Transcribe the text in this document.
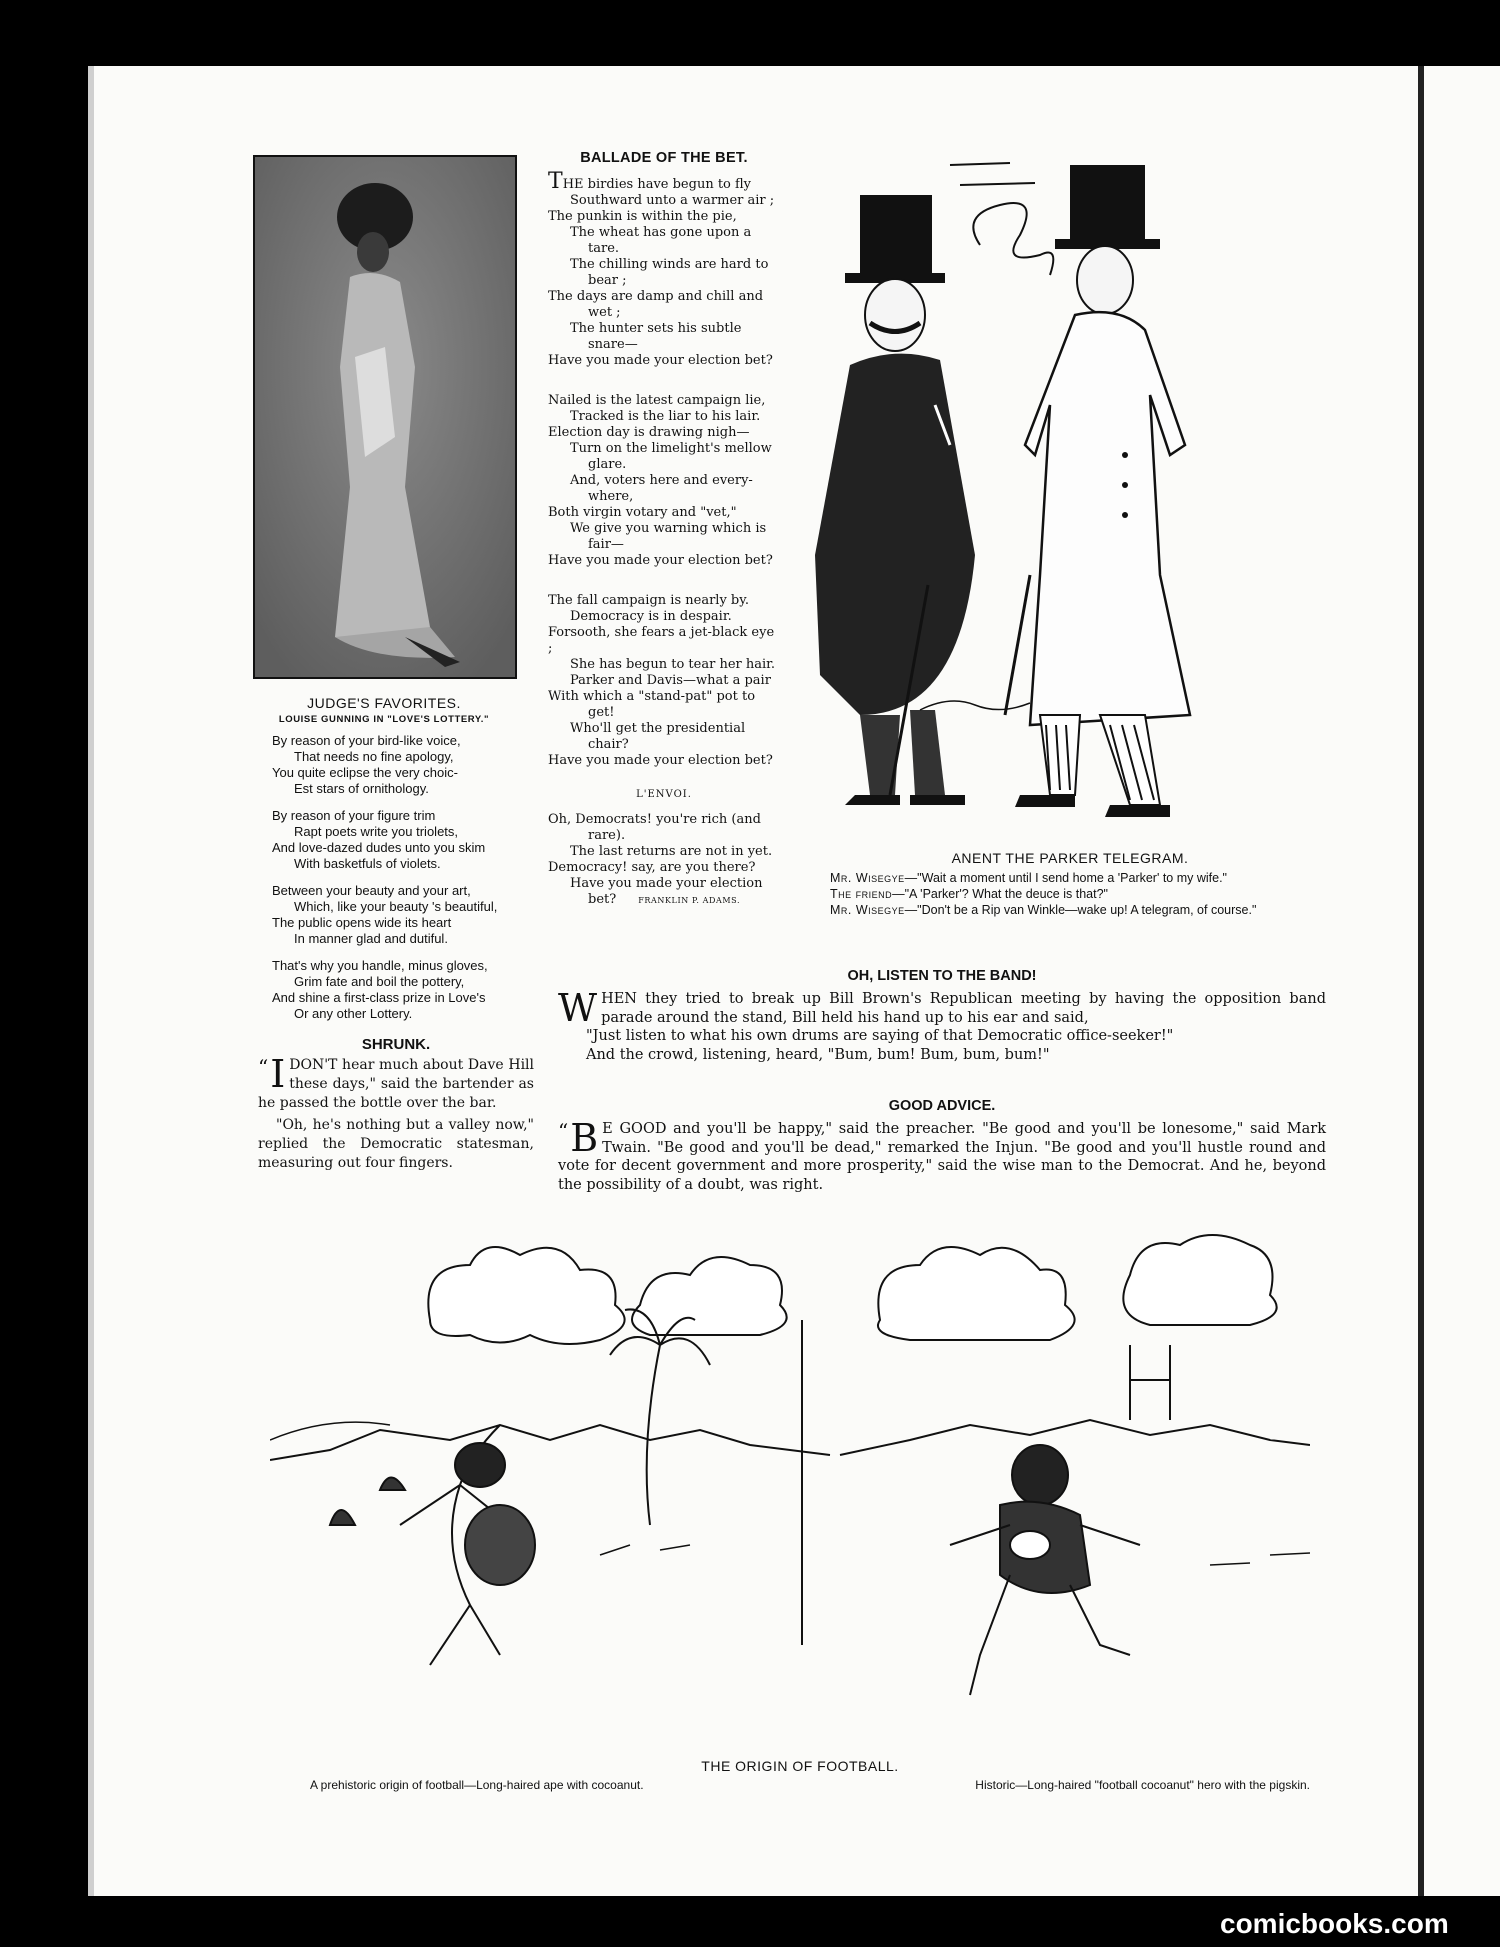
JUDGE'S FAVORITES.
LOUISE GUNNING IN "LOVE'S LOTTERY."

By reason of your bird-like voice,

That needs no fine apology,

You quite eclipse the very choic-

Est stars of ornithology.

By reason of your figure trim

Rapt poets write you triolets,

And love-dazed dudes unto you skim

With basketfuls of violets.

Between your beauty and your art,

Which, like your beauty 's beautiful,

The public opens wide its heart

In manner glad and dutiful.

That's why you handle, minus gloves,

Grim fate and boil the pottery,

And shine a first-class prize in Love's

Or any other Lottery.

SHRUNK.

“ I DON'T hear much about Dave Hill these days," said the bartender as he passed the bottle over the bar.

"Oh, he's nothing but a valley now," replied the Democratic statesman, measuring out four fingers.

BALLADE OF THE BET.

THE birdies have begun to fly

Southward unto a warmer air ;

The punkin is within the pie,

The wheat has gone upon a

tare.

The chilling winds are hard to

bear ;

The days are damp and chill and

wet ;

The hunter sets his subtle

snare—

Have you made your election bet?

Nailed is the latest campaign lie,

Tracked is the liar to his lair.

Election day is drawing nigh—

Turn on the limelight's mellow

glare.

And, voters here and every-

where,

Both virgin votary and "vet,"

We give you warning which is

fair—

Have you made your election bet?

The fall campaign is nearly by.

Democracy is in despair.

Forsooth, she fears a jet-black eye ;

She has begun to tear her hair.

Parker and Davis—what a pair

With which a "stand-pat" pot to

get!

Who'll get the presidential

chair?

Have you made your election bet?

L'ENVOI.

Oh, Democrats! you're rich (and

rare).

The last returns are not in yet.

Democracy! say, are you there?

Have you made your election

bet?	FRANKLIN P. ADAMS.

ANENT THE PARKER TELEGRAM.
Mr. Wisegye—"Wait a moment until I send home a 'Parker' to my wife."
The friend—"A 'Parker'? What the deuce is that?"
Mr. Wisegye—"Don't be a Rip van Winkle—wake up! A telegram, of course."
OH, LISTEN TO THE BAND!

WHEN they tried to break up Bill Brown's Republican meeting by having the opposition band parade around the stand, Bill held his hand up to his ear and said,

"Just listen to what his own drums are saying of that Democratic office-seeker!"

And the crowd, listening, heard, "Bum, bum! Bum, bum, bum!"

GOOD ADVICE.

“ B E GOOD and you'll be happy," said the preacher. "Be good and you'll be lonesome," said Mark Twain. "Be good and you'll be dead," remarked the Injun. "Be good and you'll hustle round and vote for decent government and more prosperity," said the wise man to the Democrat. And he, beyond the possibility of a doubt, was right.

THE ORIGIN OF FOOTBALL.
A prehistoric origin of football—Long-haired ape with cocoanut.	Historic—Long-haired "football cocoanut" hero with the pigskin.
comicbooks.com
